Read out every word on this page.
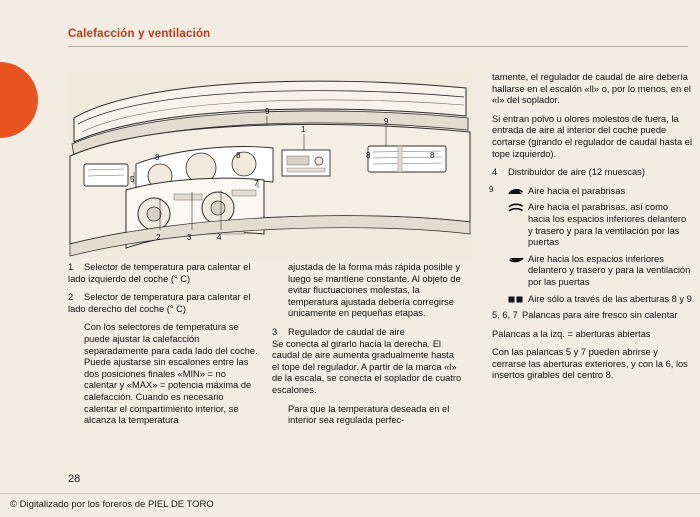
Calefacción y ventilación
3	4
2
5	7
1
9
8	8	8	8
9
9
1	Selector de temperatura para calentar el lado izquierdo del coche (° C)
2	Selector de temperatura para calentar el lado derecho del coche (° C)

Con los selectores de temperatura se puede ajustar la calefacción separadamente para cada lado del coche. Puede ajustarse sin escalones entre las dos posiciones finales «MIN» = no calentar y «MAX» = potencia máxima de calefacción. Cuando es necesario calentar el compartimiento interior, se alcanza la temperatura

ajustada de la forma más rápida posible y luego se mantiene constante. Al objeto de evitar fluctuaciones molestas, la temperatura ajustada debería corregirse únicamente en pequeñas etapas.

3	Regulador de caudal de aire
Se conecta al girarlo hacia la derecha. El caudal de aire aumenta gradualmente hasta el tope del regulador. A partir de la marca «l» de la escala, se conecta el soplador de cuatro escalones.

Para que la temperatura deseada en el interior sea regulada perfec-

tamente, el regulador de caudal de aire debería hallarse en el escalón «ll» o, por lo menos, en el «l» del soplador.

Si entran polvo u olores molestos de fuera, la entrada de aire al interior del coche puede cortarse (girando el regulador de caudal hasta el tope izquierdo).

4	Distribuidor de aire (12 muescas)
Aire hacia el parabrisas
Aire hacia el parabrisas, así como hacia los espacios inferiores delantero y trasero y para la ventilación por las puertas
Aire hacia los espacios inferiores delantero y trasero y para la ventilación por las puertas
Aire sólo a través de las aberturas 8 y 9
5, 6, 7 Palancas para aire fresco sin calentar

Palancas a la izq. = aberturas abiertas

Con las palancas 5 y 7 pueden abrirse y cerrarse las aberturas exteriores, y con la 6, los insertos girables del centro 8.

28
© Digitalizado por los foreros de PIEL DE TORO
